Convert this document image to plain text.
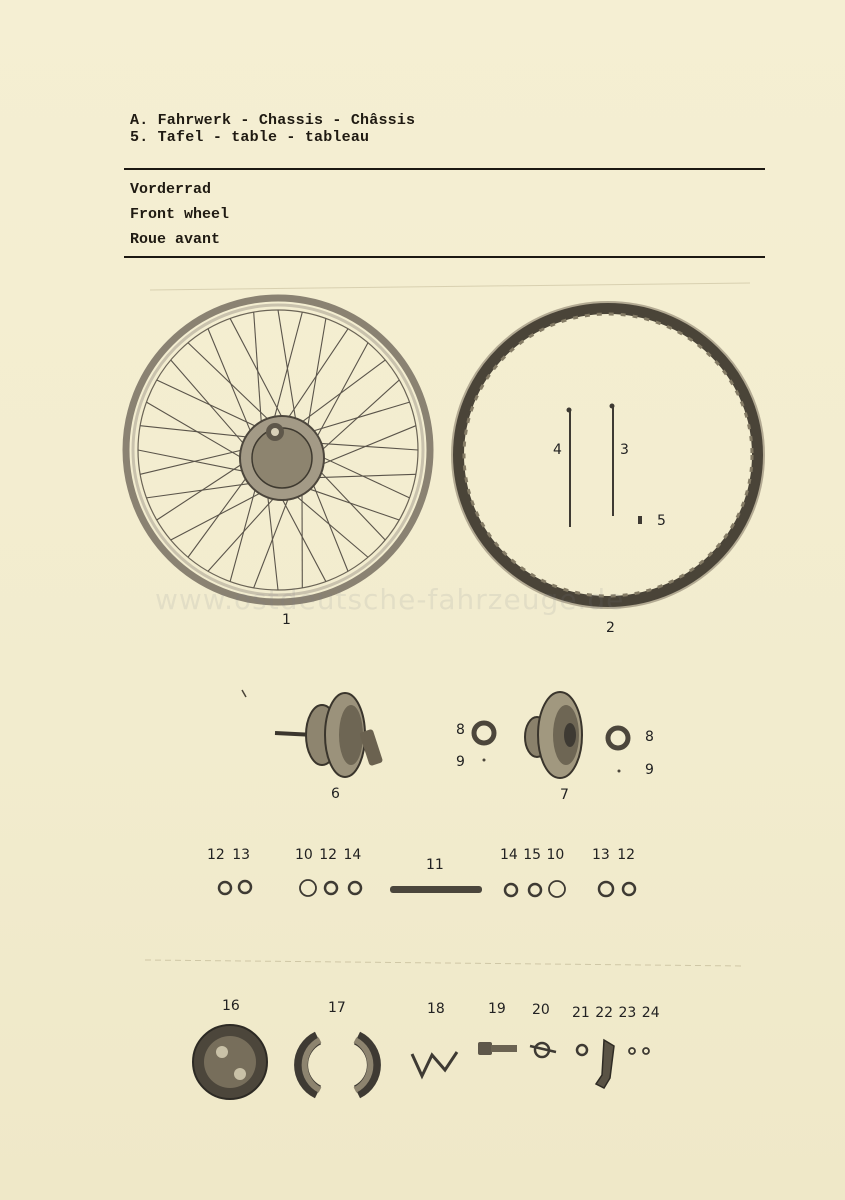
A. Fahrwerk - Chassis - Châssis
5. Tafel - table - tableau
Vorderrad
Front wheel
Roue avant
www.ostdeutsche-fahrzeuge.de
1	2
3
4
5
6	7
8	8
9	9
12 13	10 12 14
11
14 15 10 13 12
16	17	18	19 20 21 22 23 24
